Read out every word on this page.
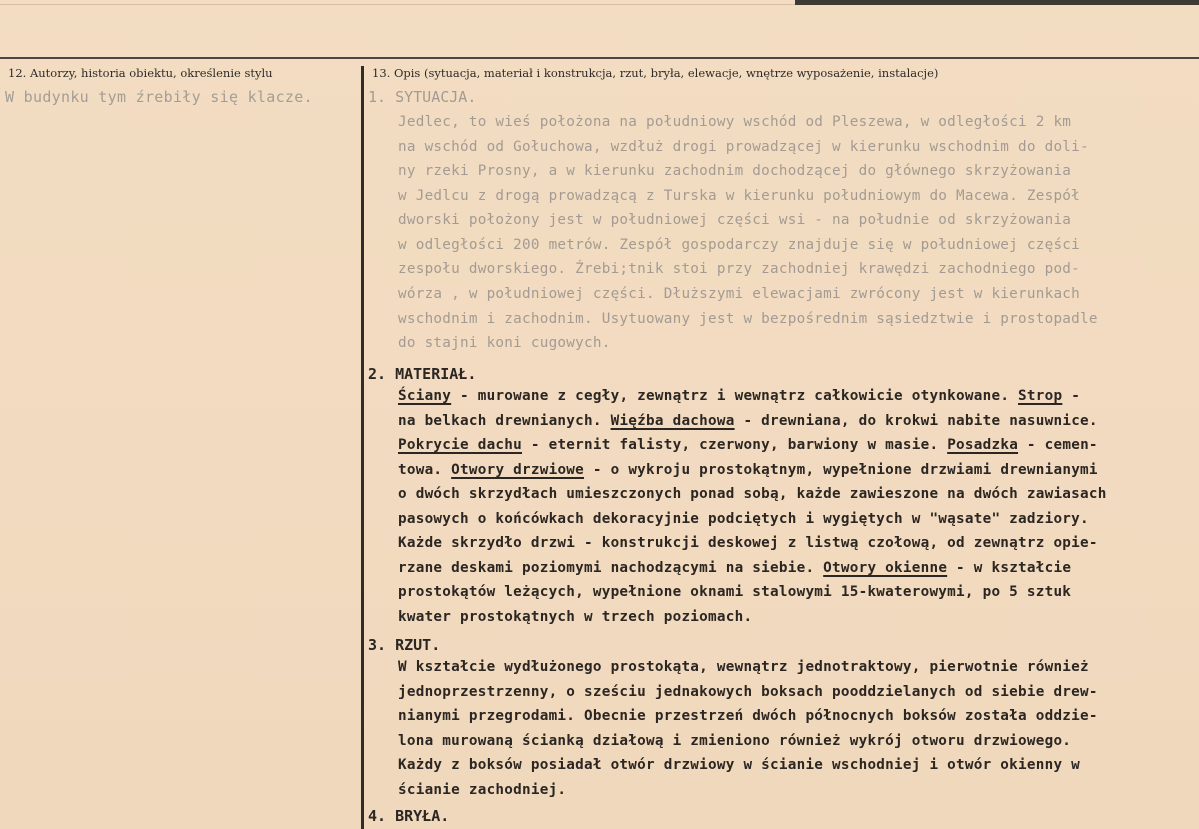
12. Autorzy, historia obiektu, określenie stylu	13. Opis (sytuacja, materiał i konstrukcja, rzut, bryła, elewacje, wnętrze wyposażenie, instalacje)
W budynku tym źrebiły się klacze.	1. SYTUACJA.
Jedlec, to wieś położona na południowy wschód od Pleszewa, w odległości 2 km
na wschód od Gołuchowa, wzdłuż drogi prowadzącej w kierunku wschodnim do doli-
ny rzeki Prosny, a w kierunku zachodnim dochodzącej do głównego skrzyżowania
w Jedlcu z drogą prowadzącą z Turska w kierunku południowym do Macewa. Zespół
dworski położony jest w południowej części wsi - na południe od skrzyżowania
w odległości 200 metrów. Zespół gospodarczy znajduje się w południowej części
zespołu dworskiego. Źrebi;tnik stoi przy zachodniej krawędzi zachodniego pod-
wórza , w południowej części. Dłuższymi elewacjami zwrócony jest w kierunkach
wschodnim i zachodnim. Usytuowany jest w bezpośrednim sąsiedztwie i prostopadle
do stajni koni cugowych.
2. MATERIAŁ.
Ściany - murowane z cegły, zewnątrz i wewnątrz całkowicie otynkowane. Strop -
na belkach drewnianych. Więźba dachowa - drewniana, do krokwi nabite nasuwnice.
Pokrycie dachu - eternit falisty, czerwony, barwiony w masie. Posadzka - cemen-
towa. Otwory drzwiowe - o wykroju prostokątnym, wypełnione drzwiami drewnianymi
o dwóch skrzydłach umieszczonych ponad sobą, każde zawieszone na dwóch zawiasach
pasowych o końcówkach dekoracyjnie podciętych i wygiętych w "wąsate" zadziory.
Każde skrzydło drzwi - konstrukcji deskowej z listwą czołową, od zewnątrz opie-
rzane deskami poziomymi nachodzącymi na siebie. Otwory okienne - w kształcie
prostokątów leżących, wypełnione oknami stalowymi 15-kwaterowymi, po 5 sztuk
kwater prostokątnych w trzech poziomach.
3. RZUT.
W kształcie wydłużonego prostokąta, wewnątrz jednotraktowy, pierwotnie również
jednoprzestrzenny, o sześciu jednakowych boksach pooddzielanych od siebie drew-
nianymi przegrodami. Obecnie przestrzeń dwóch północnych boksów została oddzie-
lona murowaną ścianką działową i zmieniono również wykrój otworu drzwiowego.
Każdy z boksów posiadał otwór drzwiowy w ścianie wschodniej i otwór okienny w
ścianie zachodniej.
4. BRYŁA.
